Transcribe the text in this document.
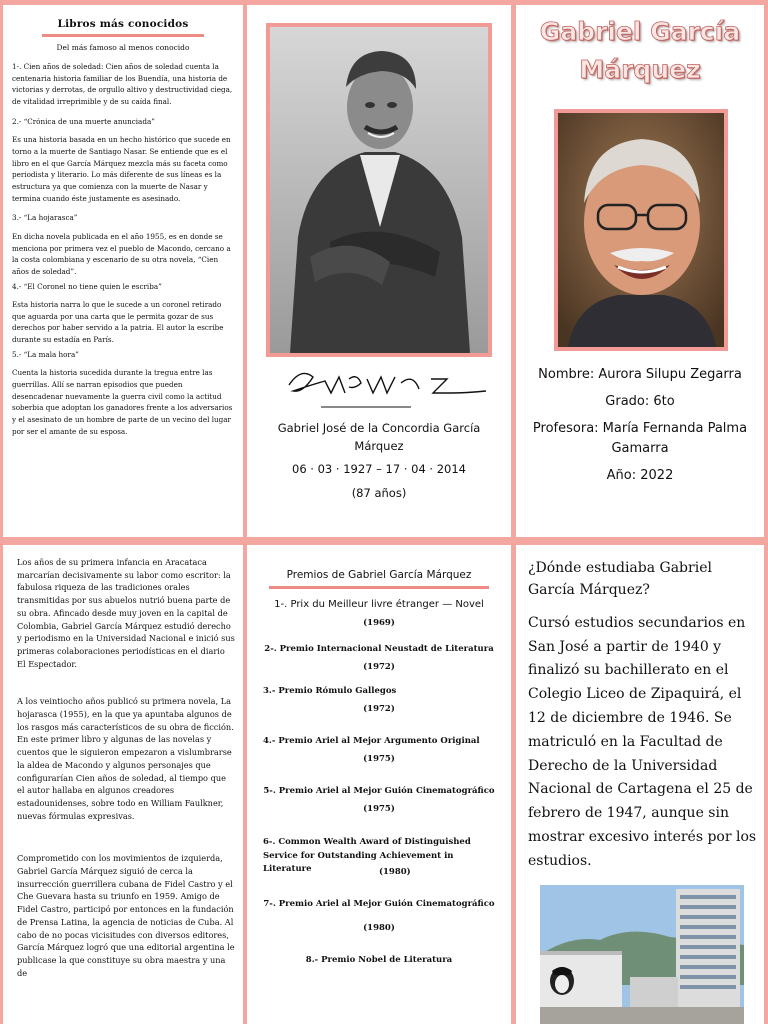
Libros más conocidos
Del más famoso al menos conocido
1-. Cien años de soledad: Cien años de soledad cuenta la centenaria historia familiar de los Buendía, una historia de victorias y derrotas, de orgullo altivo y destructividad ciega, de vitalidad irreprimible y de su caída final.
2.- “Crónica de una muerte anunciada”
Es una historia basada en un hecho histórico que sucede en torno a la muerte de Santiago Nasar. Se entiende que es el libro en el que García Márquez mezcla más su faceta como periodista y literario. Lo más diferente de sus líneas es la estructura ya que comienza con la muerte de Nasar y termina cuando éste justamente es asesinado.
3.- “La hojarasca”
En dicha novela publicada en el año 1955, es en donde se menciona por primera vez el pueblo de Macondo, cercano a la costa colombiana y escenario de su otra novela, “Cien años de soledad”.
4.- “El Coronel no tiene quien le escriba”
Esta historia narra lo que le sucede a un coronel retirado que aguarda por una carta que le permita gozar de sus derechos por haber servido a la patria. El autor la escribe durante su estadía en París.
5.- “La mala hora”
Cuenta la historia sucedida durante la tregua entre las guerrillas. Allí se narran episodios que pueden desencadenar nuevamente la guerra civil como la actitud soberbia que adoptan los ganadores frente a los adversarios y el asesinato de un hombre de parte de un vecino del lugar por ser el amante de su esposa.	Gabriel José de la Concordia García Márquez
06 · 03 · 1927 – 17 · 04 · 2014
(87 años)
Gabriel García Márquez
Nombre: Aurora Silupu Zegarra
Grado: 6to
Profesora: María Fernanda Palma Gamarra
Año: 2022
Los años de su primera infancia en Aracataca marcarían decisivamente su labor como escritor: la fabulosa riqueza de las tradiciones orales transmitidas por sus abuelos nutrió buena parte de su obra. Afincado desde muy joven en la capital de Colombia, Gabriel García Márquez estudió derecho y periodismo en la Universidad Nacional e inició sus primeras colaboraciones periodísticas en el diario El Espectador.
A los veintiocho años publicó su primera novela, La hojarasca (1955), en la que ya apuntaba algunos de los rasgos más característicos de su obra de ficción. En este primer libro y algunas de las novelas y cuentos que le siguieron empezaron a vislumbrarse la aldea de Macondo y algunos personajes que configurarían Cien años de soledad, al tiempo que el autor hallaba en algunos creadores estadounidenses, sobre todo en William Faulkner, nuevas fórmulas expresivas.
Comprometido con los movimientos de izquierda, Gabriel García Márquez siguió de cerca la insurrección guerrillera cubana de Fidel Castro y el Che Guevara hasta su triunfo en 1959. Amigo de Fidel Castro, participó por entonces en la fundación de Prensa Latina, la agencia de noticias de Cuba. Al cabo de no pocas vicisitudes con diversos editores, García Márquez logró que una editorial argentina le publicase la que constituye su obra maestra y una de
Premios de Gabriel García Márquez
1-. Prix du Meilleur livre étranger — Novel
(1969)
2-. Premio Internacional Neustadt de Literatura
(1972)
3.- Premio Rómulo Gallegos
(1972)
4.- Premio Ariel al Mejor Argumento Original
(1975)
5-. Premio Ariel al Mejor Guión Cinematográfico
(1975)
6-. Common Wealth Award of Distinguished Service for Outstanding Achievement in Literature	(1980)
7-. Premio Ariel al Mejor Guión Cinematográfico
(1980)
8.- Premio Nobel de Literatura
¿Dónde estudiaba Gabriel García Márquez?
Cursó estudios secundarios en San José a partir de 1940 y finalizó su bachillerato en el Colegio Liceo de Zipaquirá, el 12 de diciembre de 1946. Se matriculó en la Facultad de Derecho de la Universidad Nacional de Cartagena el 25 de febrero de 1947, aunque sin mostrar excesivo interés por los estudios.
